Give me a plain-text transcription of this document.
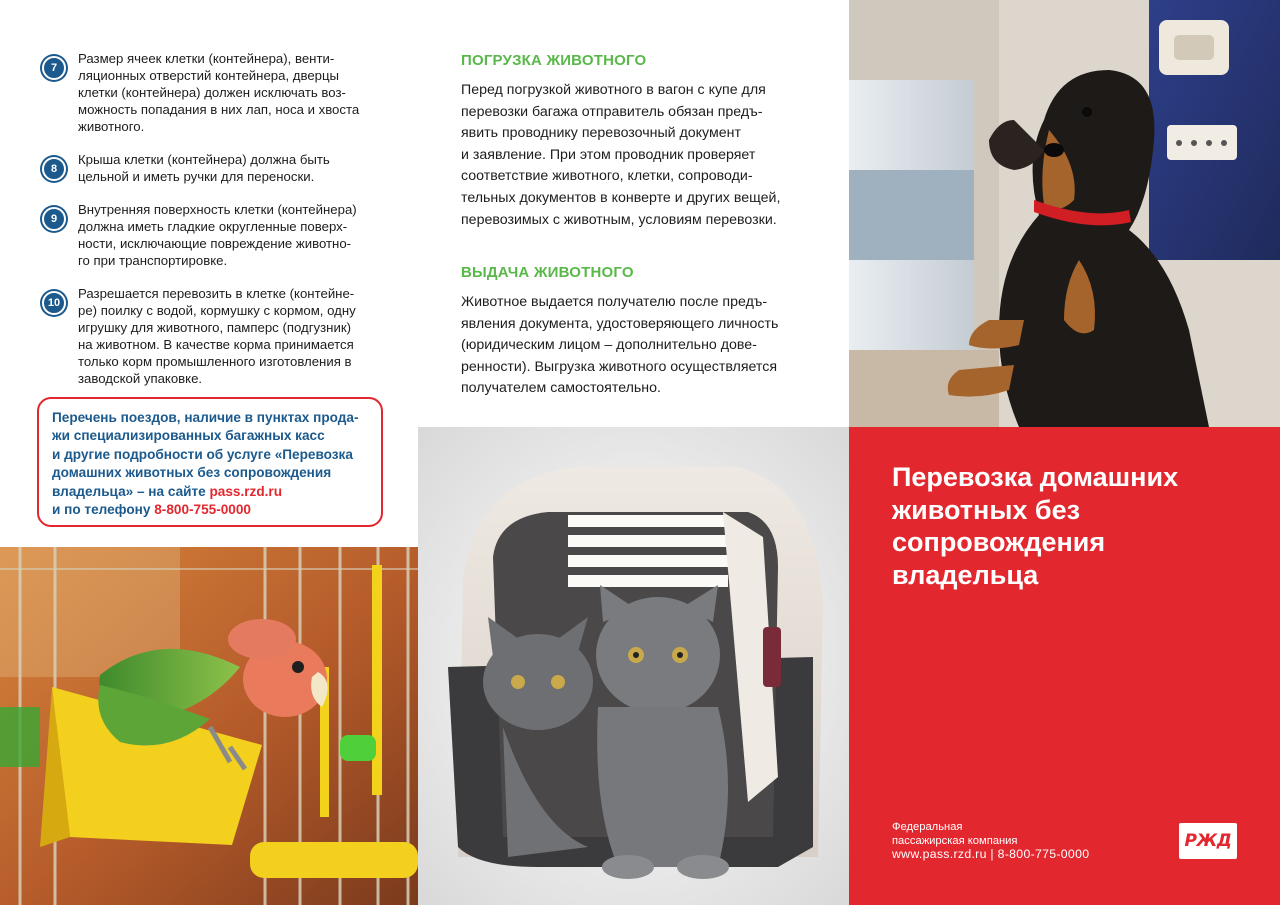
7
Размер ячеек клетки (контейнера), венти-
ляционных отверстий контейнера, дверцы
клетки (контейнера) должен исключать воз-
можность попадания в них лап, носа и хвоста
животного.
8
Крыша клетки (контейнера) должна быть
цельной и иметь ручки для переноски.
9
Внутренняя поверхность клетки (контейнера)
должна иметь гладкие округленные поверх-
ности, исключающие повреждение животно-
го при транспортировке.
10
Разрешается перевозить в клетке (контейне-
ре) поилку с водой, кормушку с кормом, одну
игрушку для животного, памперс (подгузник)
на животном. В качестве корма принимается
только корм промышленного изготовления в
заводской упаковке.
Перечень поездов, наличие в пунктах прода-
жи специализированных багажных касс
и другие подробности об услуге «Перевозка
домашних животных без сопровождения
владельца» – на сайте pass.rzd.ru
и по телефону 8-800-755-0000
ПОГРУЗКА ЖИВОТНОГО

Перед погрузкой животного в вагон с купе для
перевозки багажа отправитель обязан предъ-
явить проводнику перевозочный документ
и заявление. При этом проводник проверяет
соответствие животного, клетки, сопроводи-
тельных документов в конверте и других вещей,
перевозимых с животным, условиям перевозки.

ВЫДАЧА ЖИВОТНОГО

Животное выдается получателю после предъ-
явления документа, удостоверяющего личность
(юридическим лицом – дополнительно дове-
ренности). Выгрузка животного осуществляется
получателем самостоятельно.

Перевозка домашних
животных без
сопровождения
владельца
Федеральная
пассажирская компания
www.pass.rzd.ru | 8-800-775-0000
РЖД
